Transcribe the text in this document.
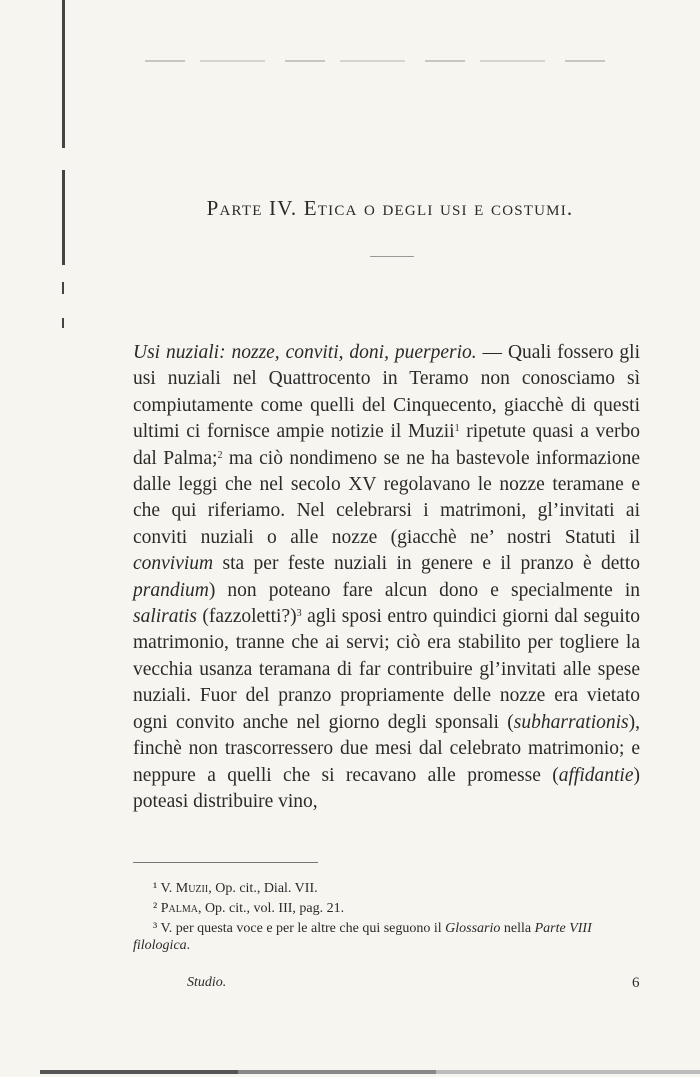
Parte IV. Etica o degli usi e costumi.

Usi nuziali: nozze, conviti, doni, puerperio. — Quali fossero gli usi nuziali nel Quattrocento in Teramo non conosciamo sì compiutamente come quelli del Cinquecento, giacchè di questi ultimi ci fornisce ampie notizie il Muzii$^1$ ripetute quasi a verbo dal Palma;$^2$ ma ciò nondimeno se ne ha bastevole informazione dalle leggi che nel secolo XV regolavano le nozze teramane e che qui riferiamo. Nel celebrarsi i matrimoni, gl’invitati ai conviti nuziali o alle nozze (giacchè ne’ nostri Statuti il convivium sta per feste nuziali in genere e il pranzo è detto prandium) non poteano fare alcun dono e specialmente in saliratis (fazzoletti?)$^3$ agli sposi entro quindici giorni dal seguito matrimonio, tranne che ai servi; ciò era stabilito per togliere la vecchia usanza teramana di far contribuire gl’invitati alle spese nuziali. Fuor del pranzo propriamente delle nozze era vietato ogni convito anche nel giorno degli sponsali (subharrationis), finchè non trascorressero due mesi dal celebrato matrimonio; e neppure a quelli che si recavano alle promesse (affidantie) poteasi distribuire vino,

¹ V. Muzii, Op. cit., Dial. VII.
² Palma, Op. cit., vol. III, pag. 21.
³ V. per questa voce e per le altre che qui seguono il Glossario nella Parte VIII filologica.
Studio.	6
